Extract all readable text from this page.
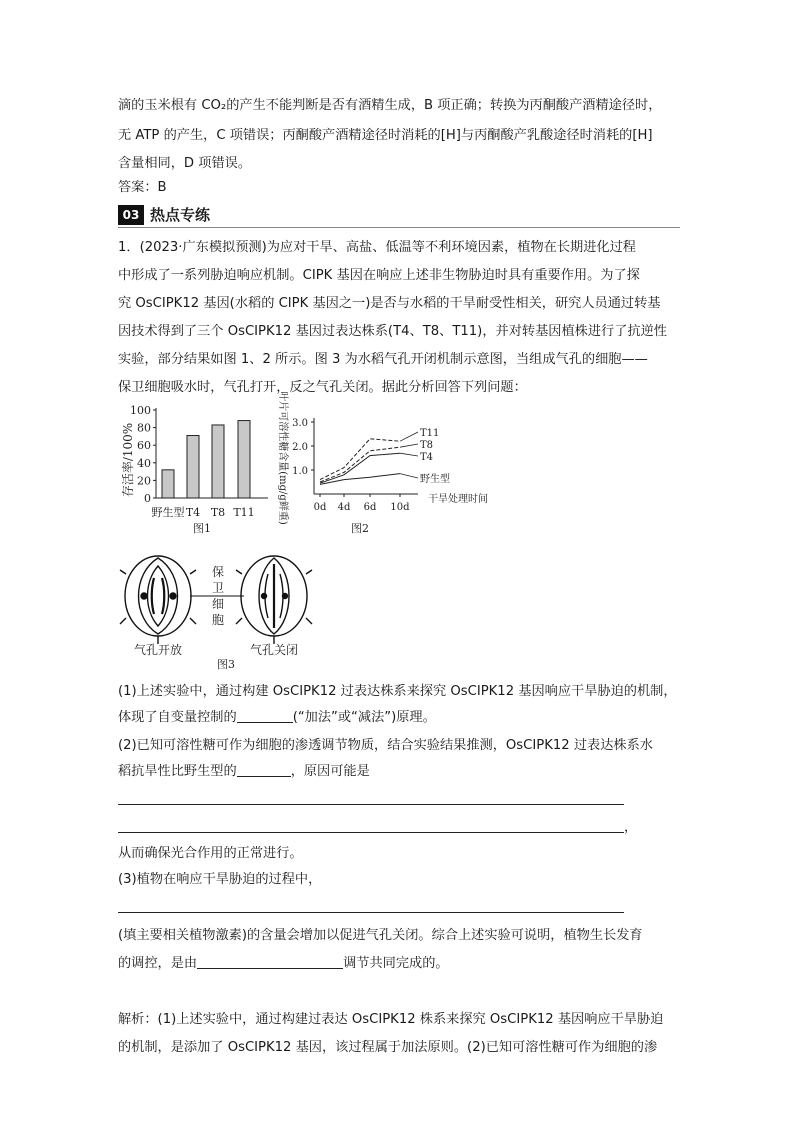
滴的玉米根有 CO₂的产生不能判断是否有酒精生成，B 项正确；转换为丙酮酸产酒精途径时，
无 ATP 的产生，C 项错误；丙酮酸产酒精途径时消耗的[H]与丙酮酸产乳酸途径时消耗的[H]
含量相同，D 项错误。
答案：B
03 热点专练
1．(2023·广东模拟预测)为应对干旱、高盐、低温等不利环境因素，植物在长期进化过程
中形成了一系列胁迫响应机制。CIPK 基因在响应上述非生物胁迫时具有重要作用。为了探
究 OsCIPK12 基因(水稻的 CIPK 基因之一)是否与水稻的干旱耐受性相关，研究人员通过转基
因技术得到了三个 OsCIPK12 基因过表达株系(T4、T8、T11)，并对转基因植株进行了抗逆性
实验，部分结果如图 1、2 所示。图 3 为水稻气孔开闭机制示意图，当组成气孔的细胞——
保卫细胞吸水时，气孔打开，反之气孔关闭。据此分析回答下列问题：
存活率/100%
0
20
40
60
80
100
野生型 T4 T8 T11
图1
叶片可溶性糖含量(mg/g鲜重) 1.0
2.0
3.0
0d 4d 6d 10d
T11
T8
T4
野生型
干旱处理时间
图2
保
卫
细
胞
气孔开放	气孔关闭
图3
(1)上述实验中，通过构建 OsCIPK12 过表达株系来探究 OsCIPK12 基因响应干旱胁迫的机制，
体现了自变量控制的	(“加法”或“减法”)原理。
(2)已知可溶性糖可作为细胞的渗透调节物质，结合实验结果推测，OsCIPK12 过表达株系水
稻抗旱性比野生型的	，原因可能是
，
从而确保光合作用的正常进行。
(3)植物在响应干旱胁迫的过程中，
(填主要相关植物激素)的含量会增加以促进气孔关闭。综合上述实验可说明，植物生长发育
的调控，是由	调节共同完成的。
解析：(1)上述实验中，通过构建过表达 OsCIPK12 株系来探究 OsCIPK12 基因响应干旱胁迫
的机制，是添加了 OsCIPK12 基因，该过程属于加法原则。(2)已知可溶性糖可作为细胞的渗
